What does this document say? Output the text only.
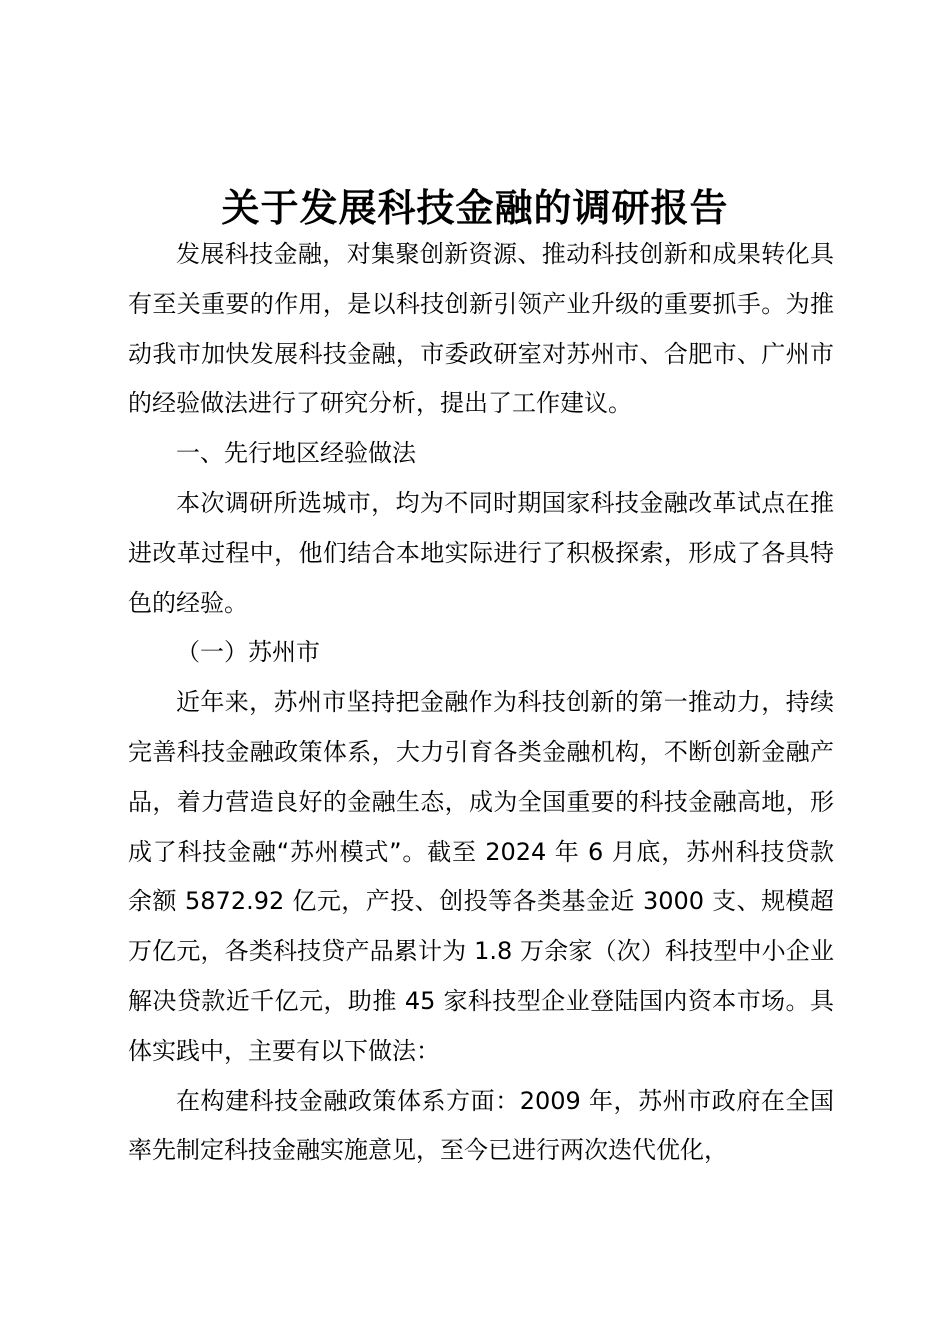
关于发展科技金融的调研报告

发展科技金融，对集聚创新资源、推动科技创新和成果转化具有至关重要的作用，是以科技创新引领产业升级的重要抓手。为推动我市加快发展科技金融，市委政研室对苏州市、合肥市、广州市的经验做法进行了研究分析，提出了工作建议。

一、先行地区经验做法

本次调研所选城市，均为不同时期国家科技金融改革试点在推进改革过程中，他们结合本地实际进行了积极探索，形成了各具特色的经验。

（一）苏州市

近年来，苏州市坚持把金融作为科技创新的第一推动力，持续完善科技金融政策体系，大力引育各类金融机构，不断创新金融产品，着力营造良好的金融生态，成为全国重要的科技金融高地，形成了科技金融“苏州模式”。截至 2024 年 6 月底，苏州科技贷款余额 5872.92 亿元，产投、创投等各类基金近 3000 支、规模超万亿元，各类科技贷产品累计为 1.8 万余家（次）科技型中小企业解决贷款近千亿元，助推 45 家科技型企业登陆国内资本市场。具体实践中，主要有以下做法：

在构建科技金融政策体系方面：2009 年，苏州市政府在全国率先制定科技金融实施意见，至今已进行两次迭代优化，
